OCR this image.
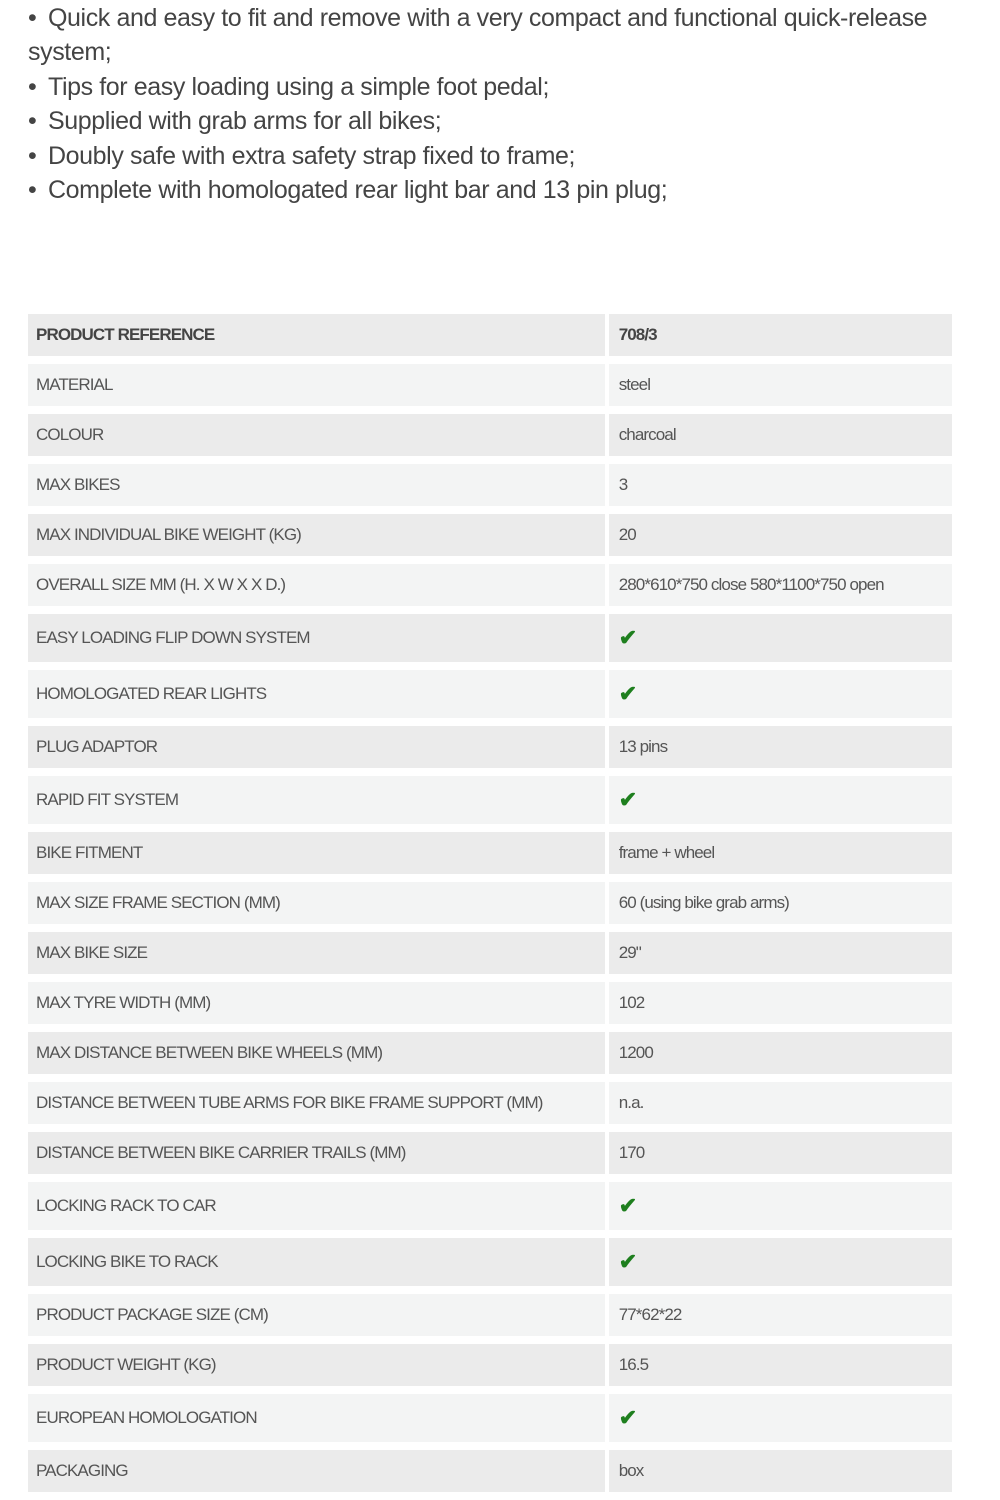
• Quick and easy to fit and remove with a very compact and functional quick-release system;
• Tips for easy loading using a simple foot pedal;
• Supplied with grab arms for all bikes;
• Doubly safe with extra safety strap fixed to frame;
• Complete with homologated rear light bar and 13 pin plug;
PRODUCT REFERENCE	708/3
MATERIAL	steel
COLOUR	charcoal
MAX BIKES	3
MAX INDIVIDUAL BIKE WEIGHT (KG)	20
OVERALL SIZE MM (H. X W X X D.)	280*610*750 close 580*1100*750 open
EASY LOADING FLIP DOWN SYSTEM	✔
HOMOLOGATED REAR LIGHTS	✔
PLUG ADAPTOR	13 pins
RAPID FIT SYSTEM	✔
BIKE FITMENT	frame + wheel
MAX SIZE FRAME SECTION (MM)	60 (using bike grab arms)
MAX BIKE SIZE	29"
MAX TYRE WIDTH (MM)	102
MAX DISTANCE BETWEEN BIKE WHEELS (MM)	1200
DISTANCE BETWEEN TUBE ARMS FOR BIKE FRAME SUPPORT (MM)	n.a.
DISTANCE BETWEEN BIKE CARRIER TRAILS (MM)	170
LOCKING RACK TO CAR	✔
LOCKING BIKE TO RACK	✔
PRODUCT PACKAGE SIZE (CM)	77*62*22
PRODUCT WEIGHT (KG)	16.5
EUROPEAN HOMOLOGATION	✔
PACKAGING	box
